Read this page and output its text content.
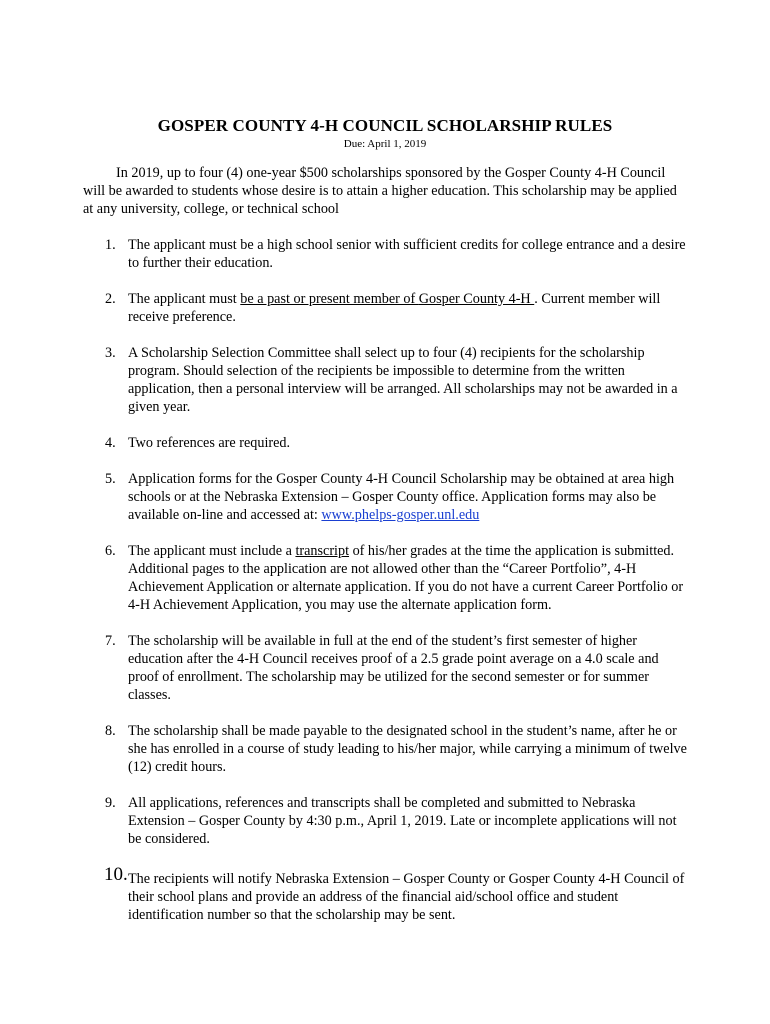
GOSPER COUNTY 4-H COUNCIL SCHOLARSHIP RULES
Due: April 1, 2019

In 2019, up to four (4) one-year $500 scholarships sponsored by the Gosper County 4-H Council will be awarded to students whose desire is to attain a higher education. This scholarship may be applied at any university, college, or technical school

1. The applicant must be a high school senior with sufficient credits for college entrance and a desire to further their education.
2. The applicant must be a past or present member of Gosper County 4-H . Current member will receive preference.
3. A Scholarship Selection Committee shall select up to four (4) recipients for the scholarship program. Should selection of the recipients be impossible to determine from the written application, then a personal interview will be arranged. All scholarships may not be awarded in a given year.
4. Two references are required.
5. Application forms for the Gosper County 4-H Council Scholarship may be obtained at area high schools or at the Nebraska Extension – Gosper County office. Application forms may also be available on-line and accessed at: www.phelps-gosper.unl.edu
6. The applicant must include a transcript of his/her grades at the time the application is submitted. Additional pages to the application are not allowed other than the “Career Portfolio”, 4-H Achievement Application or alternate application. If you do not have a current Career Portfolio or 4-H Achievement Application, you may use the alternate application form.
7. The scholarship will be available in full at the end of the student’s first semester of higher education after the 4-H Council receives proof of a 2.5 grade point average on a 4.0 scale and proof of enrollment. The scholarship may be utilized for the second semester or for summer classes.
8. The scholarship shall be made payable to the designated school in the student’s name, after he or she has enrolled in a course of study leading to his/her major, while carrying a minimum of twelve (12) credit hours.
9. All applications, references and transcripts shall be completed and submitted to Nebraska Extension – Gosper County by 4:30 p.m., April 1, 2019. Late or incomplete applications will not be considered.
10. The recipients will notify Nebraska Extension – Gosper County or Gosper County 4-H Council of their school plans and provide an address of the financial aid/school office and student identification number so that the scholarship may be sent.
